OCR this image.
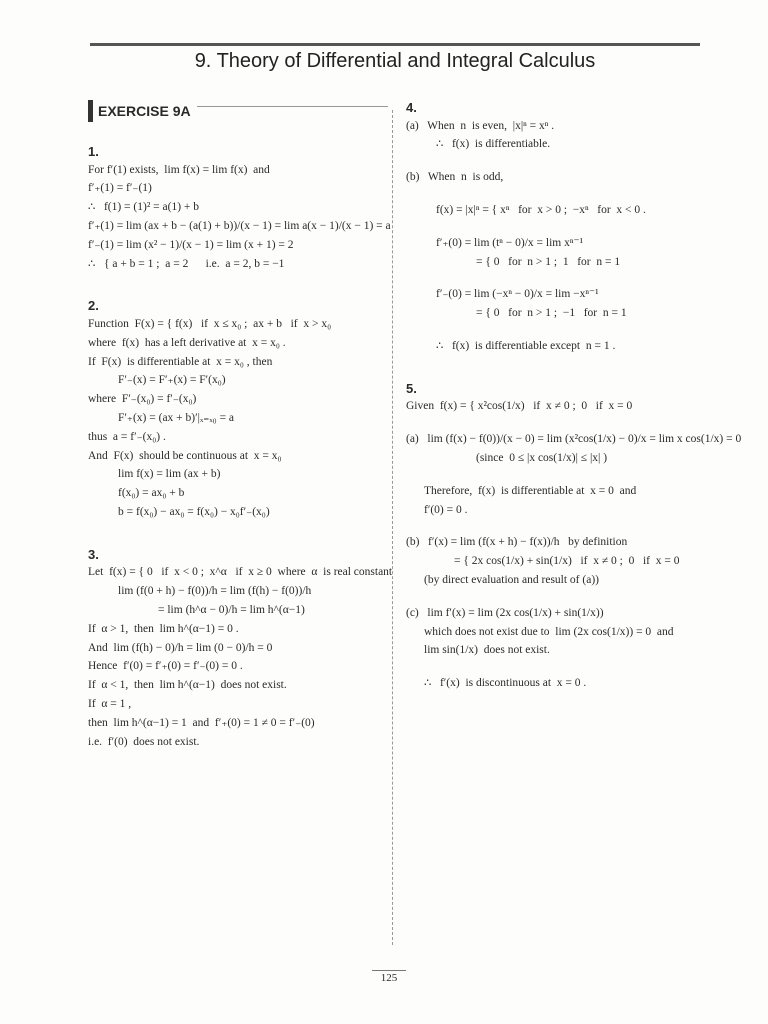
9. Theory of Differential and Integral Calculus
EXERCISE 9A
1.
For f′(1) exists,  lim f(x) = lim f(x)  and
f′₊(1) = f′₋(1)
∴   f(1) = (1)² = a(1) + b
f′₊(1) = lim (ax + b − (a(1) + b))/(x − 1) = lim a(x − 1)/(x − 1) = a
f′₋(1) = lim (x² − 1)/(x − 1) = lim (x + 1) = 2
∴   { a + b = 1 ;  a = 2      i.e.  a = 2, b = −1
2.
Function  F(x) = { f(x)   if  x ≤ x₀ ;  ax + b   if  x > x₀
where  f(x)  has a left derivative at  x = x₀ .
If  F(x)  is differentiable at  x = x₀ , then
F′₋(x) = F′₊(x) = F′(x₀)
where  F′₋(x₀) = f′₋(x₀)
F′₊(x) = (ax + b)′|ₓ₌ₓ₀ = a
thus  a = f′₋(x₀) .
And  F(x)  should be continuous at  x = x₀
lim f(x) = lim (ax + b)
f(x₀) = ax₀ + b
b = f(x₀) − ax₀ = f(x₀) − x₀f′₋(x₀)
3.
Let  f(x) = { 0   if  x < 0 ;  x^α   if  x ≥ 0  where  α  is real constant
lim (f(0 + h) − f(0))/h = lim (f(h) − f(0))/h
= lim (h^α − 0)/h = lim h^(α−1)
If  α > 1,  then  lim h^(α−1) = 0 .
And  lim (f(h) − 0)/h = lim (0 − 0)/h = 0
Hence  f′(0) = f′₊(0) = f′₋(0) = 0 .
If  α < 1,  then  lim h^(α−1)  does not exist.
If  α = 1 ,
then  lim h^(α−1) = 1  and  f′₊(0) = 1 ≠ 0 = f′₋(0)
i.e.  f′(0)  does not exist.
4.
(a)   When  n  is even,  |x|ⁿ = xⁿ .
∴   f(x)  is differentiable.
(b)   When  n  is odd,
f(x) = |x|ⁿ = { xⁿ   for  x > 0 ;  −xⁿ   for  x < 0 .
f′₊(0) = lim (tⁿ − 0)/x = lim xⁿ⁻¹
= { 0   for  n > 1 ;  1   for  n = 1
f′₋(0) = lim (−xⁿ − 0)/x = lim −xⁿ⁻¹
= { 0   for  n > 1 ;  −1   for  n = 1
∴   f(x)  is differentiable except  n = 1 .
5.
Given  f(x) = { x²cos(1/x)   if  x ≠ 0 ;  0   if  x = 0
(a)   lim (f(x) − f(0))/(x − 0) = lim (x²cos(1/x) − 0)/x = lim x cos(1/x) = 0
(since  0 ≤ |x cos(1/x)| ≤ |x| )
Therefore,  f(x)  is differentiable at  x = 0  and
f′(0) = 0 .
(b)   f′(x) = lim (f(x + h) − f(x))/h   by definition
= { 2x cos(1/x) + sin(1/x)   if  x ≠ 0 ;  0   if  x = 0
(by direct evaluation and result of (a))
(c)   lim f′(x) = lim (2x cos(1/x) + sin(1/x))
which does not exist due to  lim (2x cos(1/x)) = 0  and
lim sin(1/x)  does not exist.
∴   f′(x)  is discontinuous at  x = 0 .
125
